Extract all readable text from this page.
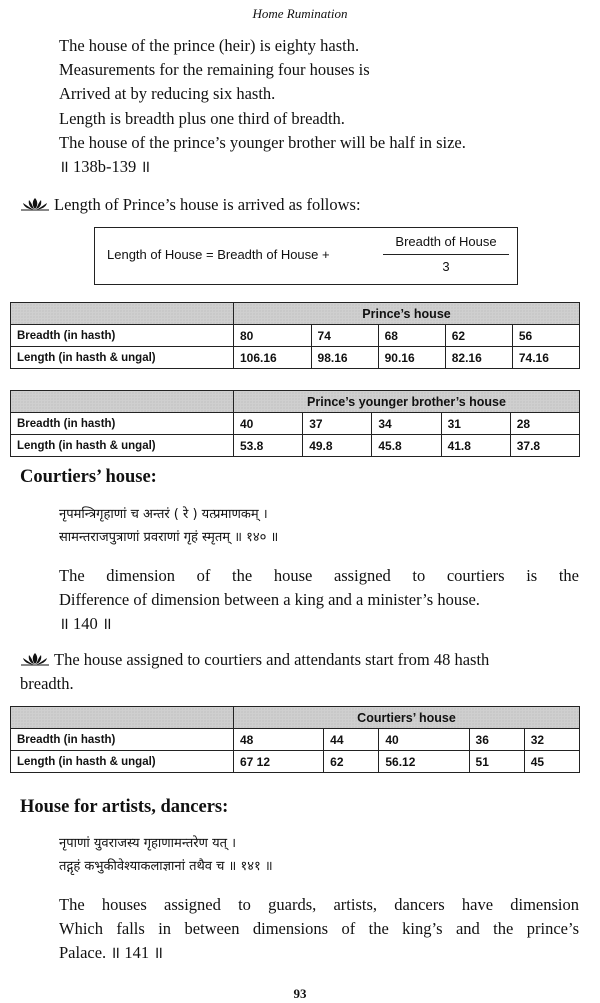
Home Rumination
The house of the prince (heir) is eighty hasth.
Measurements for the remaining four houses is
Arrived at by reducing six hasth.
Length is breadth plus one third of breadth.
The house of the prince’s younger brother will be half in size.
॥ 138b-139 ॥
Length of Prince’s house is arrived as follows:
Length of House = Breadth of House +
Breadth of House
3
	Prince’s house				
Breadth (in hasth)	80	74	68	62	56
Length (in hasth & ungal)	106.16	98.16	90.16	82.16	74.16
	Prince’s younger brother’s house				
Breadth (in hasth)	40	37	34	31	28
Length (in hasth & ungal)	53.8	49.8	45.8	41.8	37.8
Courtiers’ house:
नृपमन्त्रिगृहाणां च अन्तरं ( रे ) यत्प्रमाणकम् ।
सामन्तराजपुत्राणां प्रवराणां गृहं स्मृतम् ॥ १४० ॥
The dimension of the house assigned to courtiers is the
Difference of dimension between a king and a minister’s house.
॥ 140 ॥
The house assigned to courtiers and attendants start from 48 hasth
breadth.
	Courtiers’ house				
Breadth (in hasth)	48	44	40	36	32
Length (in hasth & ungal)	67 12	62	56.12	51	45
House for artists, dancers:
नृपाणां युवराजस्य गृहाणामन्तरेण यत् ।
तद्गृहं कभुकीवेश्याकलाज्ञानां तथैव च ॥ १४१ ॥
The houses assigned to guards, artists, dancers have dimension
Which falls in between dimensions of the king’s and the prince’s
Palace. ॥ 141 ॥
93
